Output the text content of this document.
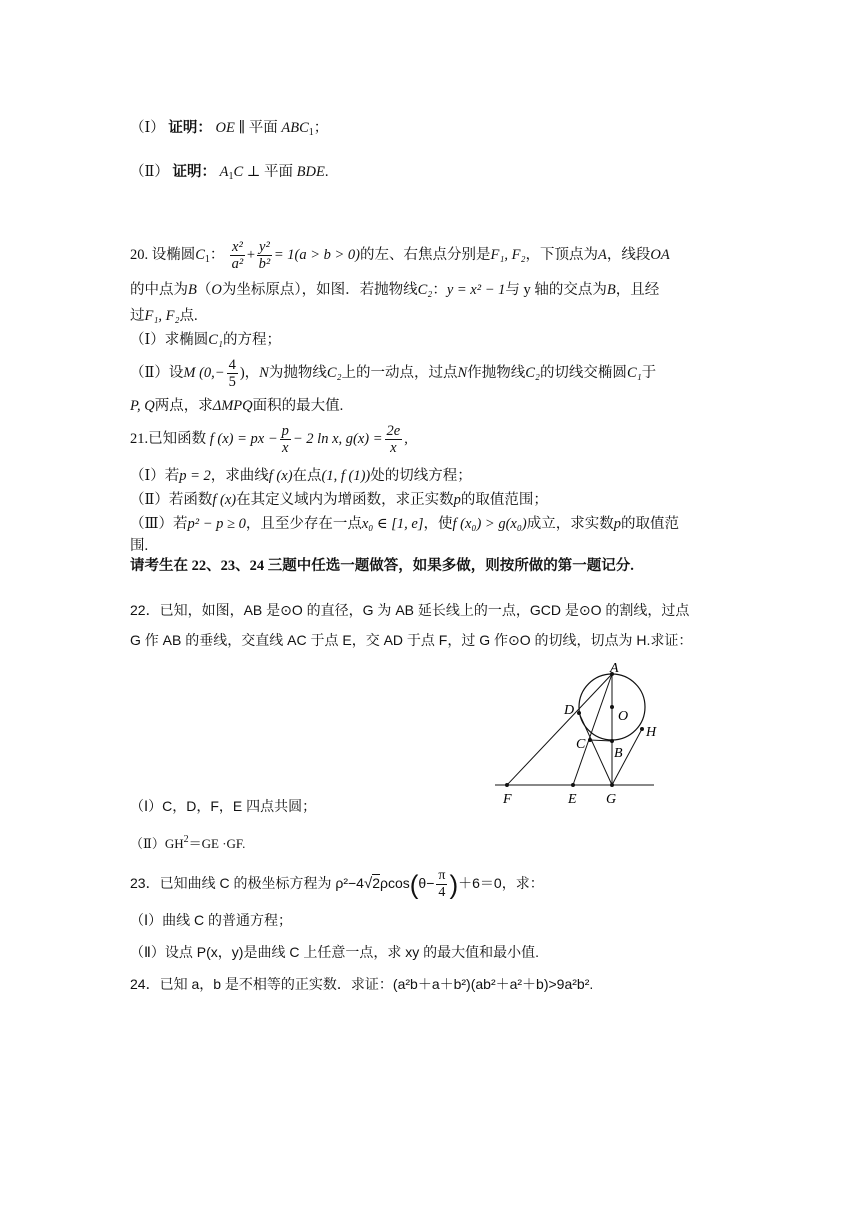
（Ⅰ） 证明： OE ∥ 平面 $ABC_1$；
（Ⅱ） 证明： $A_1C$ ⊥ 平面 BDE.
20. 设椭圆$C_1$： $\frac{\text{x²}}{\text{a²}} + \frac{\text{y²}}{\text{b²}} = 1(a > b > 0)$的左、右焦点分别是F₁, F₂，下顶点为A，线段OA
的中点为B（O为坐标原点），如图．若抛物线C₂：y = x² − 1与 y 轴的交点为B，且经
过F₁, F₂点.
（Ⅰ）求椭圆C₁的方程；
（Ⅱ）设M ($0,- \frac{4}{5}$ )，N为抛物线C₂上的一动点，过点N作抛物线C₂的切线交椭圆C₁于
P, Q两点，求ΔMPQ面积的最大值.
21.已知函数 f (x) = px − $\frac{p}{x} - 2$ ln x, $g(x) = \frac{2e}{x}$ ,
（Ⅰ）若p = 2，求曲线f (x)在点(1, f (1))处的切线方程；
（Ⅱ）若函数f (x)在其定义域内为增函数，求正实数p的取值范围；
（Ⅲ）若p² − p ≥ 0，且至少存在一点x₀ ∈ [1, e]，使f (x₀) > g(x₀)成立，求实数p的取值范
围.
请考生在 22、23、24 三题中任选一题做答，如果多做，则按所做的第一题记分.
22．已知，如图，AB 是⊙O 的直径，G 为 AB 延长线上的一点，GCD 是⊙O 的割线，过点
G 作 AB 的垂线，交直线 AC 于点 E，交 AD 于点 F，过 G 作⊙O 的切线，切点为 H.求证：
A
D	O
H
C
B
F	E G
（Ⅰ）C，D，F，E 四点共圆；
$(Ⅱ)GH^2=GE \cdot GF$.
23．已知曲线 C 的极坐标方程为 $\rho^2-4√2\rho\cos(\theta- \frac{\pi}{4} )+6=0$，求：
（Ⅰ）曲线 C 的普通方程；
（Ⅱ）设点 P(x，y)是曲线 C 上任意一点，求 xy 的最大值和最小值.
24．已知 a，b 是不相等的正实数．求证：(a²b＋a＋b²)(ab²＋a²＋b)>9a²b².
